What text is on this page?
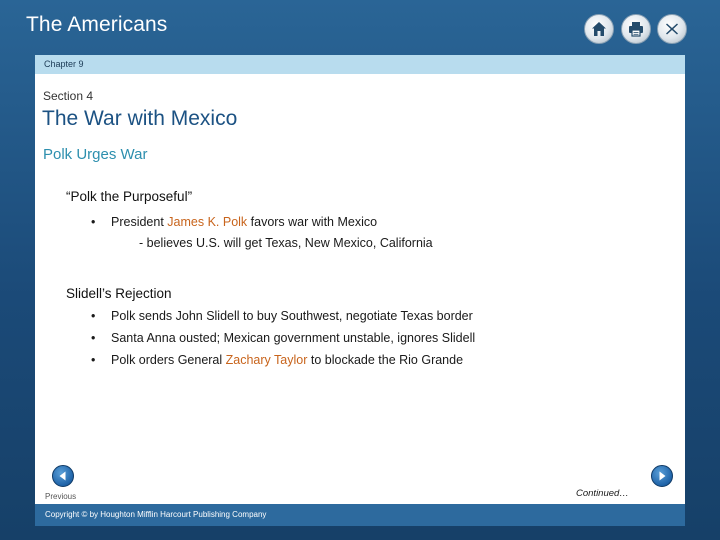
The Americans
Chapter 9
Section 4
The War with Mexico
Polk Urges War
“Polk the Purposeful”
• President James K. Polk favors war with Mexico
- believes U.S. will get Texas, New Mexico, California
Slidell’s Rejection
• Polk sends John Slidell to buy Southwest, negotiate Texas border
• Santa Anna ousted; Mexican government unstable, ignores Slidell
• Polk orders General Zachary Taylor to blockade the Rio Grande
Previous	Continued…	Next
Copyright © by Houghton Mifflin Harcourt Publishing Company
